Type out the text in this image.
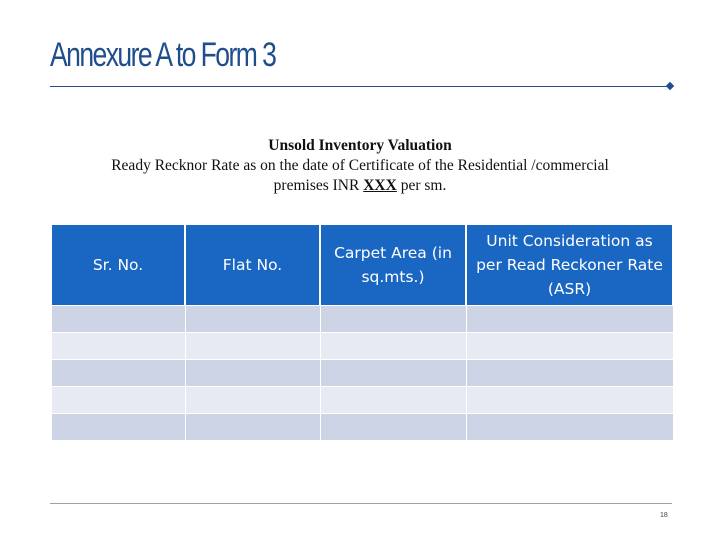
Annexure A to Form 3
Unsold Inventory Valuation
Ready Recknor Rate as on the date of Certificate of the Residential /commercial
premises INR XXX per sm.
Sr. No.	Flat No.	Carpet Area (in sq.mts.)	Unit Consideration as per Read Reckoner Rate (ASR)

18
